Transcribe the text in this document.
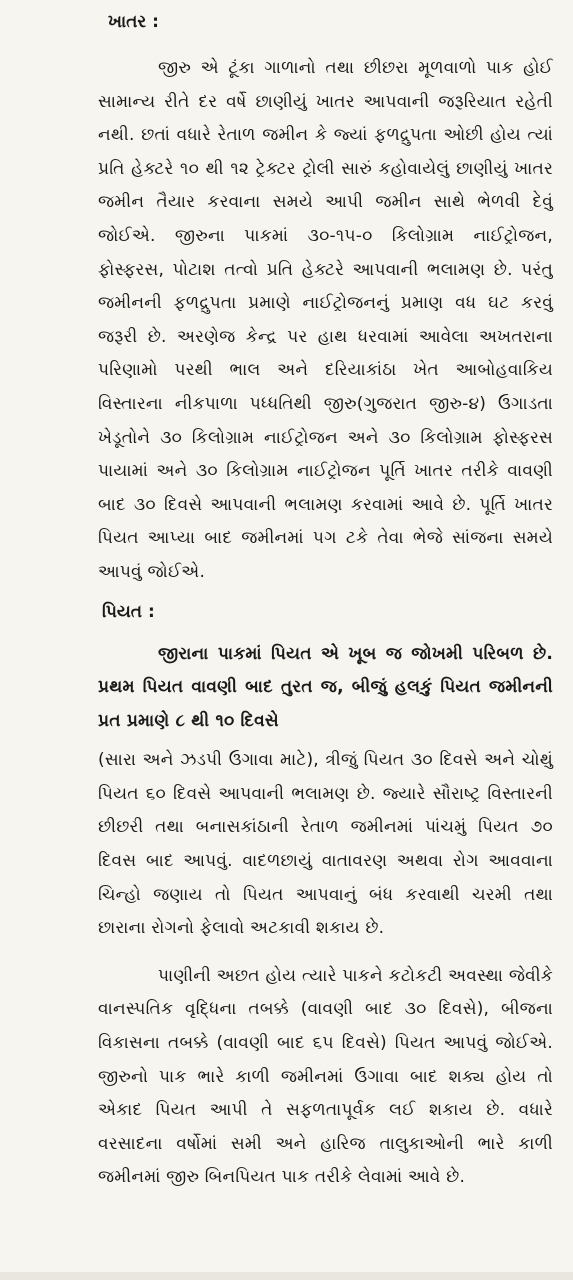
ખાતર :

જીરુ એ ટૂંકા ગાળાનો તથા છીછરા મૂળવાળો પાક હોઈ સામાન્ય રીતે દર વર્ષે છાણીયું ખાતર આપવાની જરૂરિયાત રહેતી નથી. છતાં વધારે રેતાળ જમીન કે જ્યાં ફળદ્રુપતા ઓછી હોય ત્યાં પ્રતિ હેક્ટરે ૧૦ થી ૧૨ ટ્રેક્ટર ટ્રોલી સારું કહોવાયેલું છાણીયું ખાતર જમીન તૈયાર કરવાના સમયે આપી જમીન સાથે ભેળવી દેવું જોઈએ. જીરુના પાકમાં ૩૦-૧૫-૦ કિલોગ્રામ નાઈટ્રોજન, ફોસ્ફરસ, પોટાશ તત્વો પ્રતિ હેક્ટરે આપવાની ભલામણ છે. પરંતુ જમીનની ફળદ્રુપતા પ્રમાણે નાઈટ્રોજનનું પ્રમાણ વધ ઘટ કરવું જરૂરી છે. અરણેજ કેન્દ્ર પર હાથ ધરવામાં આવેલા અખતરાના પરિણામો પરથી ભાલ અને દરિયાકાંઠા ખેત આબોહવાકિય વિસ્તારના નીકપાળા પધ્ધતિથી જીરુ(ગુજરાત જીરુ-૪) ઉગાડતા ખેડૂતોને ૩૦ કિલોગ્રામ નાઈટ્રોજન અને ૩૦ કિલોગ્રામ ફોસ્ફરસ પાયામાં અને ૩૦ કિલોગ્રામ નાઈટ્રોજન પૂર્તિ ખાતર તરીકે વાવણી બાદ ૩૦ દિવસે આપવાની ભલામણ કરવામાં આવે છે. પૂર્તિ ખાતર પિયત આપ્યા બાદ જમીનમાં પગ ટકે તેવા ભેજે સાંજના સમયે આપવું જોઈએ.

પિયત :

જીરાના પાકમાં પિયત એ ખૂબ જ જોખમી પરિબળ છે. પ્રથમ પિયત વાવણી બાદ તુરત જ, બીજું હલકું પિયત જમીનની પ્રત પ્રમાણે ૮ થી ૧૦ દિવસે

(સારા અને ઝડપી ઉગાવા માટે), ત્રીજું પિયત ૩૦ દિવસે અને ચોથું પિયત ૬૦ દિવસે આપવાની ભલામણ છે. જ્યારે સૌરાષ્ટ્ર વિસ્તારની છીછરી તથા બનાસકાંઠાની રેતાળ જમીનમાં પાંચમું પિયત ૭૦ દિવસ બાદ આપવું. વાદળછાયું વાતાવરણ અથવા રોગ આવવાના ચિન્હો જણાય તો પિયત આપવાનું બંધ કરવાથી ચરમી તથા છારાના રોગનો ફેલાવો અટકાવી શકાય છે.

પાણીની અછત હોય ત્યારે પાકને કટોકટી અવસ્થા જેવીકે વાનસ્પતિક વૃદ્ધિના તબક્કે (વાવણી બાદ ૩૦ દિવસે), બીજના વિકાસના તબક્કે (વાવણી બાદ ૬૫ દિવસે) પિયત આપવું જોઈએ. જીરુનો પાક ભારે કાળી જમીનમાં ઉગાવા બાદ શક્ય હોય તો એકાદ પિયત આપી તે સફળતાપૂર્વક લઈ શકાય છે. વધારે વરસાદના વર્ષોમાં સમી અને હારિજ તાલુકાઓની ભારે કાળી જમીનમાં જીરુ બિનપિયત પાક તરીકે લેવામાં આવે છે.
